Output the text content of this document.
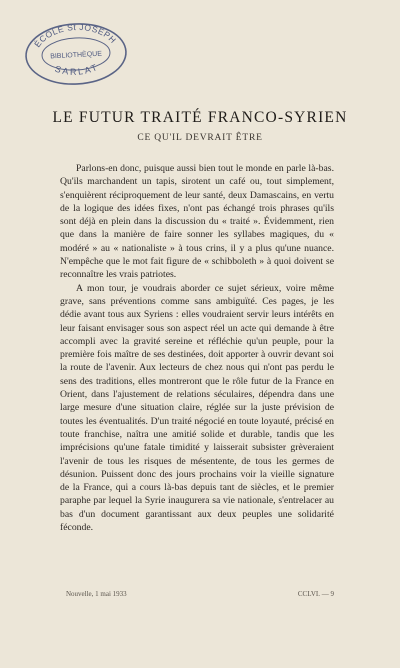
ÉCOLE St JOSEPH
BIBLIOTHÈQUE
SARLAT
LE FUTUR TRAITÉ FRANCO-SYRIEN
CE QU'IL DEVRAIT ÊTRE

Parlons-en donc, puisque aussi bien tout le monde en parle là-bas. Qu'ils marchandent un tapis, sirotent un café ou, tout simplement, s'enquièrent réciproquement de leur santé, deux Damascains, en vertu de la logique des idées fixes, n'ont pas échangé trois phrases qu'ils sont déjà en plein dans la discussion du « traité ». Évidemment, rien que dans la manière de faire sonner les syllabes magiques, du « modéré » au « nationaliste » à tous crins, il y a plus qu'une nuance. N'empêche que le mot fait figure de « schibboleth » à quoi doivent se reconnaître les vrais patriotes.

A mon tour, je voudrais aborder ce sujet sérieux, voire même grave, sans préventions comme sans ambiguïté. Ces pages, je les dédie avant tous aux Syriens : elles voudraient servir leurs intérêts en leur faisant envisager sous son aspect réel un acte qui demande à être accompli avec la gravité sereine et réfléchie qu'un peuple, pour la première fois maître de ses destinées, doit apporter à ouvrir devant soi la route de l'avenir. Aux lecteurs de chez nous qui n'ont pas perdu le sens des traditions, elles montreront que le rôle futur de la France en Orient, dans l'ajustement de relations séculaires, dépendra dans une large mesure d'une situation claire, réglée sur la juste prévision de toutes les éventualités. D'un traité négocié en toute loyauté, précisé en toute franchise, naîtra une amitié solide et durable, tandis que les imprécisions qu'une fatale timidité y laisserait subsister grèveraient l'avenir de tous les risques de mésentente, de tous les germes de désunion. Puissent donc des jours prochains voir la vieille signature de la France, qui a cours là-bas depuis tant de siècles, et le premier paraphe par lequel la Syrie inaugurera sa vie nationale, s'entrelacer au bas d'un document garantissant aux deux peuples une solidarité féconde.

Nouvelle, 1 mai 1933	CCLVI. — 9
